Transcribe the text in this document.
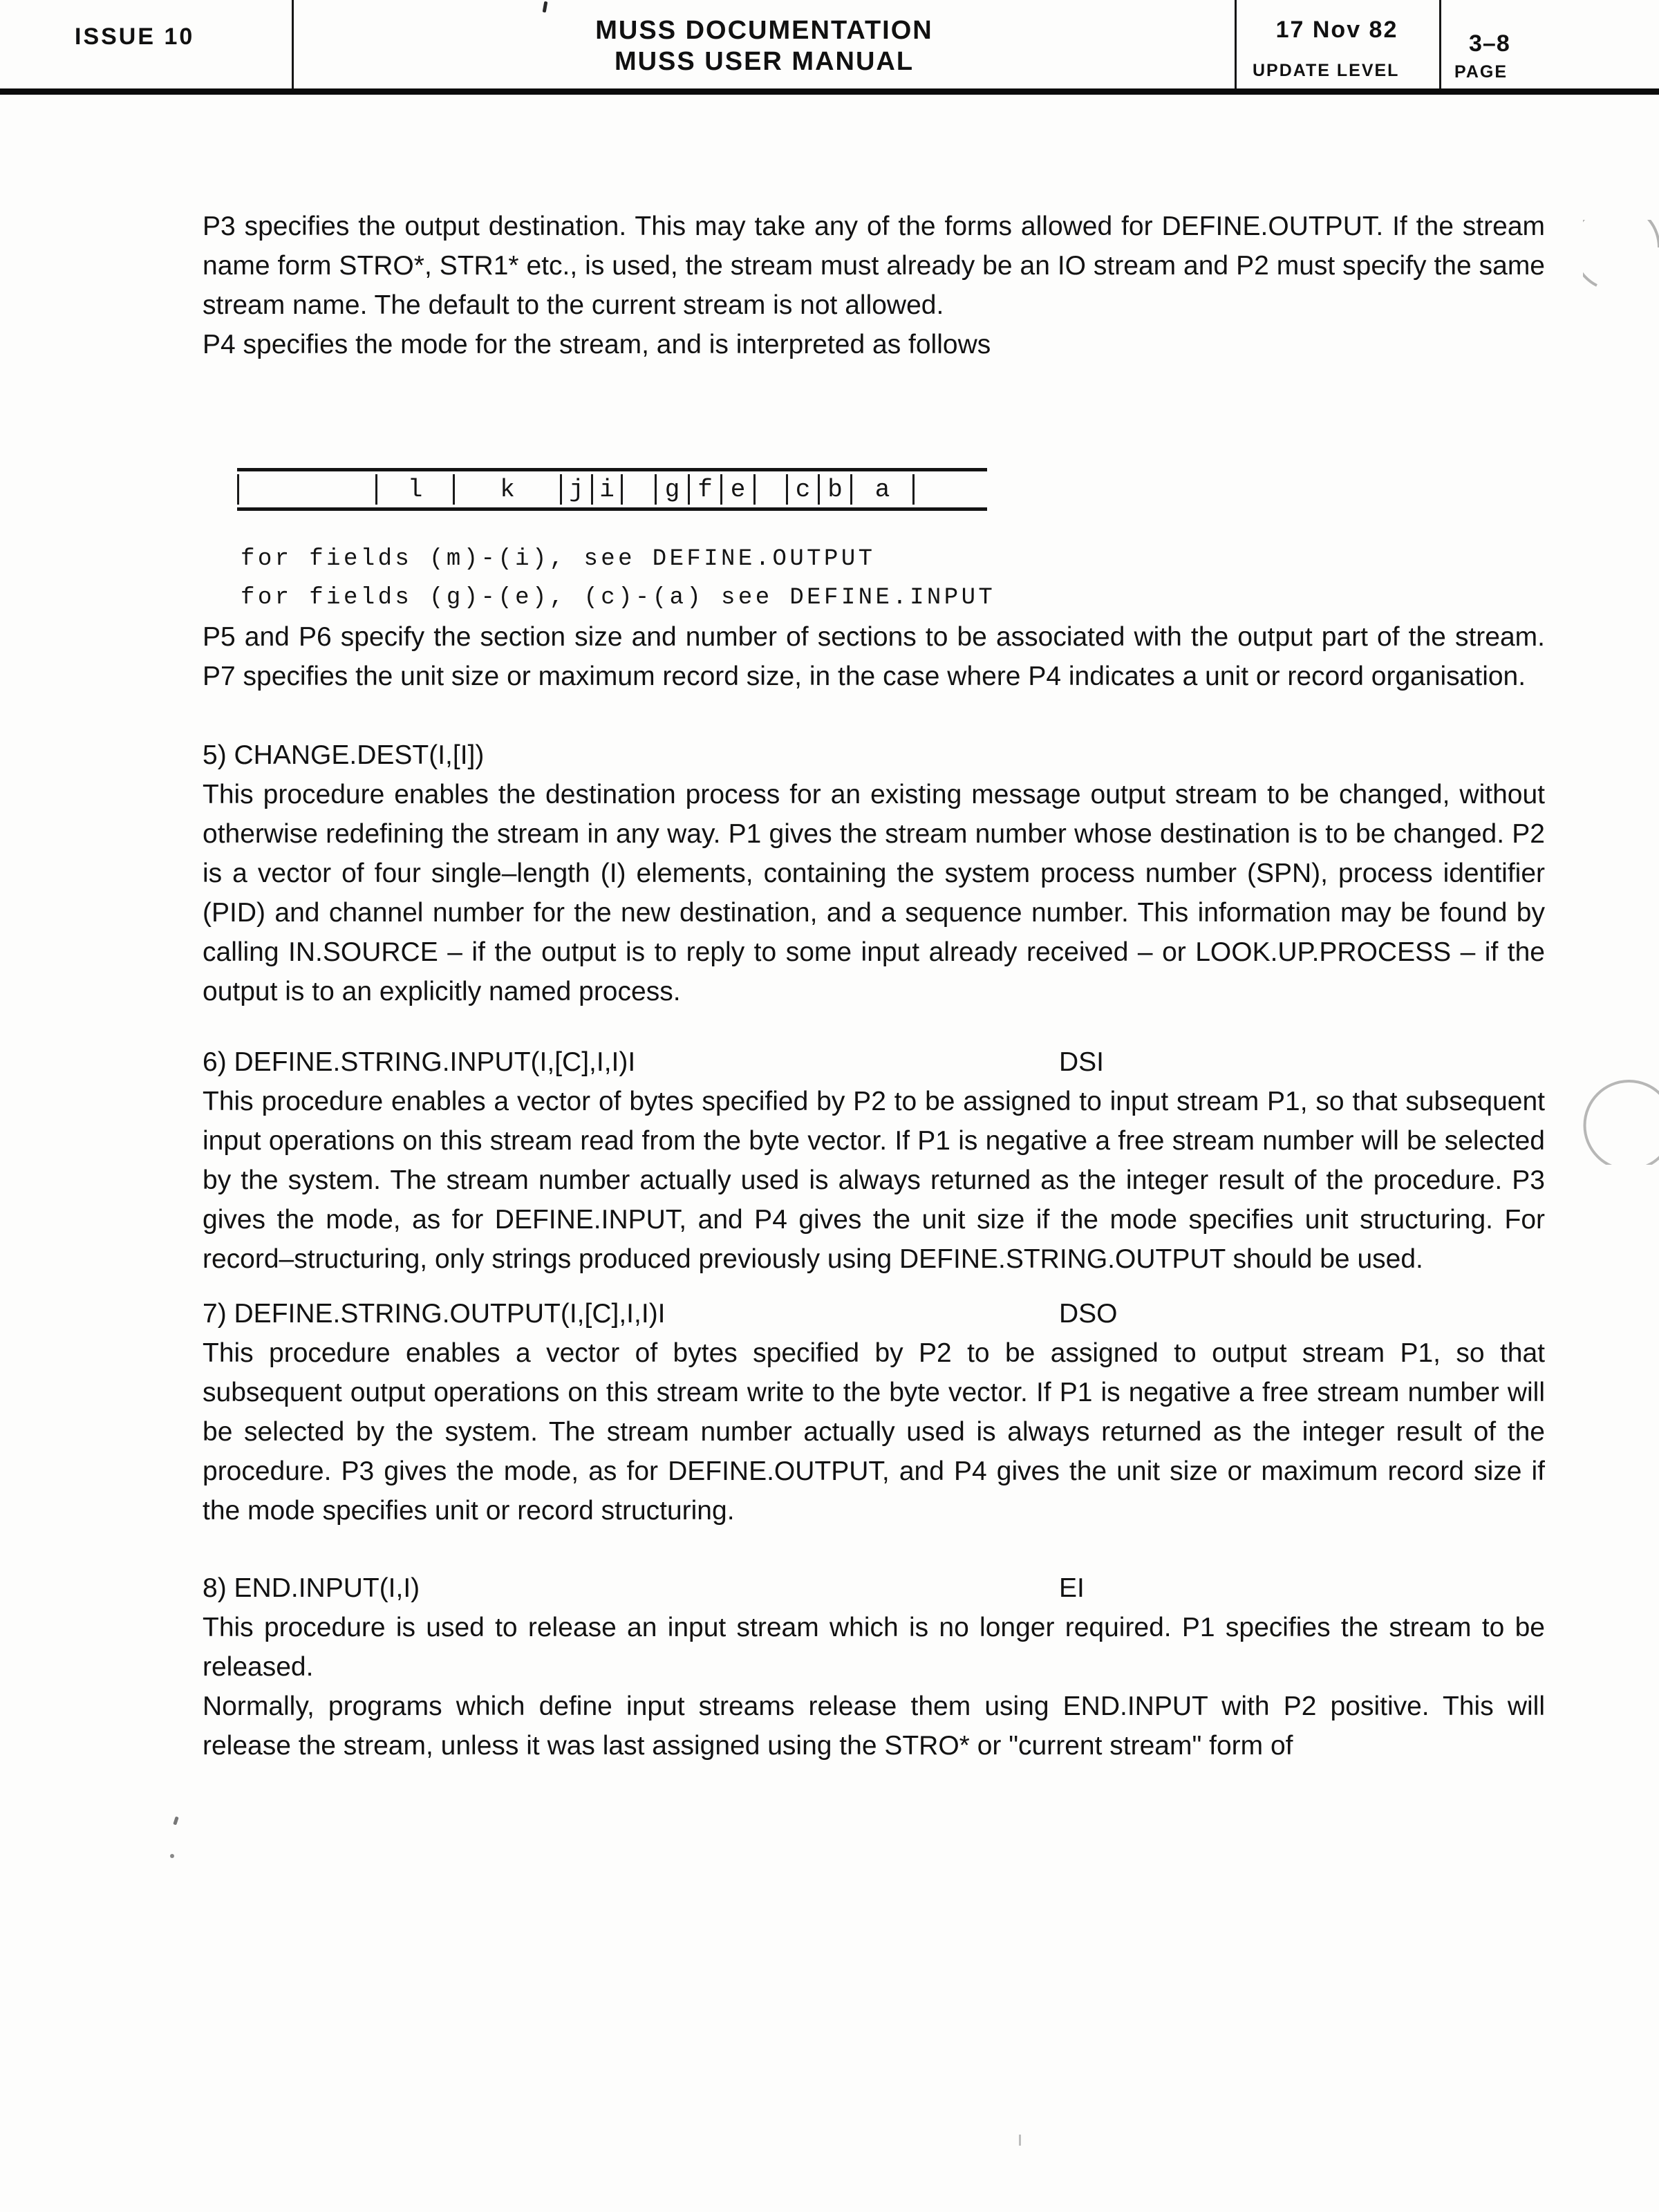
ISSUE 10	MUSS DOCUMENTATION
MUSS USER MANUAL
17 Nov 82
UPDATE LEVEL
3–8
PAGE

P3 specifies the output destination. This may take any of the forms allowed for DEFINE.OUTPUT. If the stream name form STRO*, STR1* etc., is used, the stream must already be an IO stream and P2 must specify the same stream name. The default to the current stream is not allowed.

P4 specifies the mode for the stream, and is interpreted as follows

l	k	j i	g f e	c b	a
for fields (m)-(i), see DEFINE.OUTPUT
for fields (g)-(e), (c)-(a) see DEFINE.INPUT

P5 and P6 specify the section size and number of sections to be associated with the output part of the stream. P7 specifies the unit size or maximum record size, in the case where P4 indicates a unit or record organisation.

5) CHANGE.DEST(I,[I])

This procedure enables the destination process for an existing message output stream to be changed, without otherwise redefining the stream in any way. P1 gives the stream number whose destination is to be changed. P2 is a vector of four single–length (I) elements, containing the system process number (SPN), process identifier (PID) and channel number for the new destination, and a sequence number. This information may be found by calling IN.SOURCE – if the output is to reply to some input already received – or LOOK.UP.PROCESS – if the output is to an explicitly named process.

6) DEFINE.STRING.INPUT(I,[C],I,I)I	DSI

This procedure enables a vector of bytes specified by P2 to be assigned to input stream P1, so that subsequent input operations on this stream read from the byte vector. If P1 is negative a free stream number will be selected by the system. The stream number actually used is always returned as the integer result of the procedure. P3 gives the mode, as for DEFINE.INPUT, and P4 gives the unit size if the mode specifies unit structuring. For record–structuring, only strings produced previously using DEFINE.STRING.OUTPUT should be used.

7) DEFINE.STRING.OUTPUT(I,[C],I,I)I	DSO

This procedure enables a vector of bytes specified by P2 to be assigned to output stream P1, so that subsequent output operations on this stream write to the byte vector. If P1 is negative a free stream number will be selected by the system. The stream number actually used is always returned as the integer result of the procedure. P3 gives the mode, as for DEFINE.OUTPUT, and P4 gives the unit size or maximum record size if the mode specifies unit or record structuring.

8) END.INPUT(I,I)	EI

This procedure is used to release an input stream which is no longer required. P1 specifies the stream to be released.

Normally, programs which define input streams release them using END.INPUT with P2 positive. This will release the stream, unless it was last assigned using the STRO* or "current stream" form of
